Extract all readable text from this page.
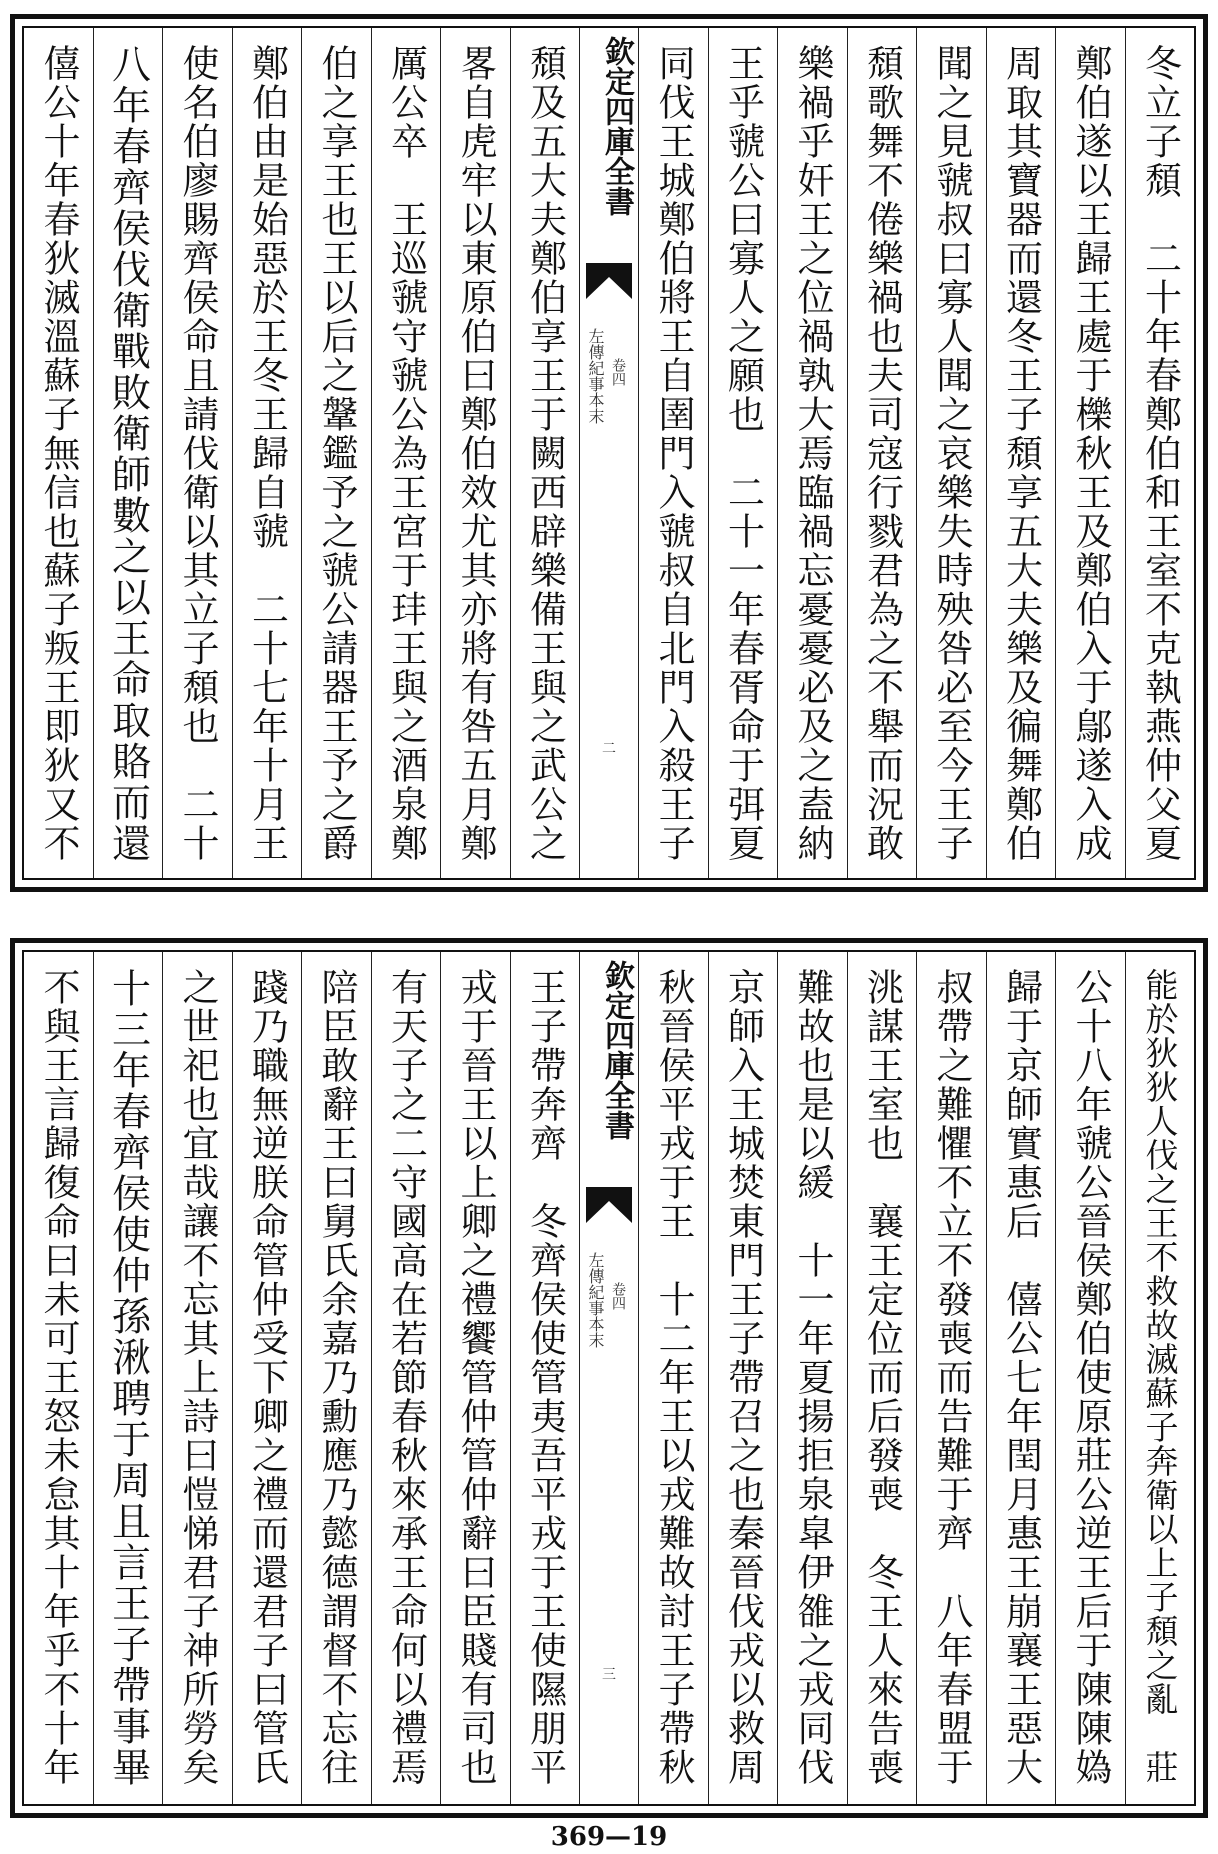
冬立子頹　二十年春鄭伯和王室不克執燕仲父夏
鄭伯遂以王歸王處于櫟秋王及鄭伯入于鄔遂入成
周取其寶器而還冬王子頹享五大夫樂及徧舞鄭伯
聞之見虢叔曰寡人聞之哀樂失時殃咎必至今王子
頹歌舞不倦樂禍也夫司寇行戮君為之不舉而況敢
樂禍乎奸王之位禍孰大焉臨禍忘憂憂必及之盍納
王乎虢公曰寡人之願也　二十一年春胥命于弭夏
同伐王城鄭伯將王自圉門入虢叔自北門入殺王子
欽定四庫全書
左傳紀事本末 卷四
二
頹及五大夫鄭伯享王于闕西辟樂備王與之武公之
畧自虎牢以東原伯曰鄭伯效尤其亦將有咎五月鄭
厲公卒　王巡虢守虢公為王宮于玤王與之酒泉鄭
伯之享王也王以后之鞶鑑予之虢公請器王予之爵
鄭伯由是始惡於王冬王歸自虢　二十七年十月王
使名伯廖賜齊侯命且請伐衛以其立子頹也　二十
八年春齊侯伐衛戰敗衛師數之以王命取賂而還
僖公十年春狄滅溫蘇子無信也蘇子叛王即狄又不
能於狄狄人伐之王不救故滅蘇子奔衛以上子頹之亂　莊
公十八年虢公晉侯鄭伯使原莊公逆王后于陳陳媯
歸于京師實惠后　僖公七年閏月惠王崩襄王惡大
叔帶之難懼不立不發喪而告難于齊　八年春盟于
洮謀王室也　襄王定位而后發喪　冬王人來告喪
難故也是以緩　十一年夏揚拒泉皐伊雒之戎同伐
京師入王城焚東門王子帶召之也秦晉伐戎以救周
秋晉侯平戎于王　十二年王以戎難故討王子帶秋
欽定四庫全書
左傳紀事本末 卷四
三
王子帶奔齊　冬齊侯使管夷吾平戎于王使隰朋平
戎于晉王以上卿之禮饗管仲管仲辭曰臣賤有司也
有天子之二守國高在若節春秋來承王命何以禮焉
陪臣敢辭王曰舅氏余嘉乃勳應乃懿德謂督不忘往
踐乃職無逆朕命管仲受下卿之禮而還君子曰管氏
之世祀也宜哉讓不忘其上詩曰愷悌君子神所勞矣
十三年春齊侯使仲孫湫聘于周且言王子帶事畢
不與王言歸復命曰未可王怒未怠其十年乎不十年
369—19
